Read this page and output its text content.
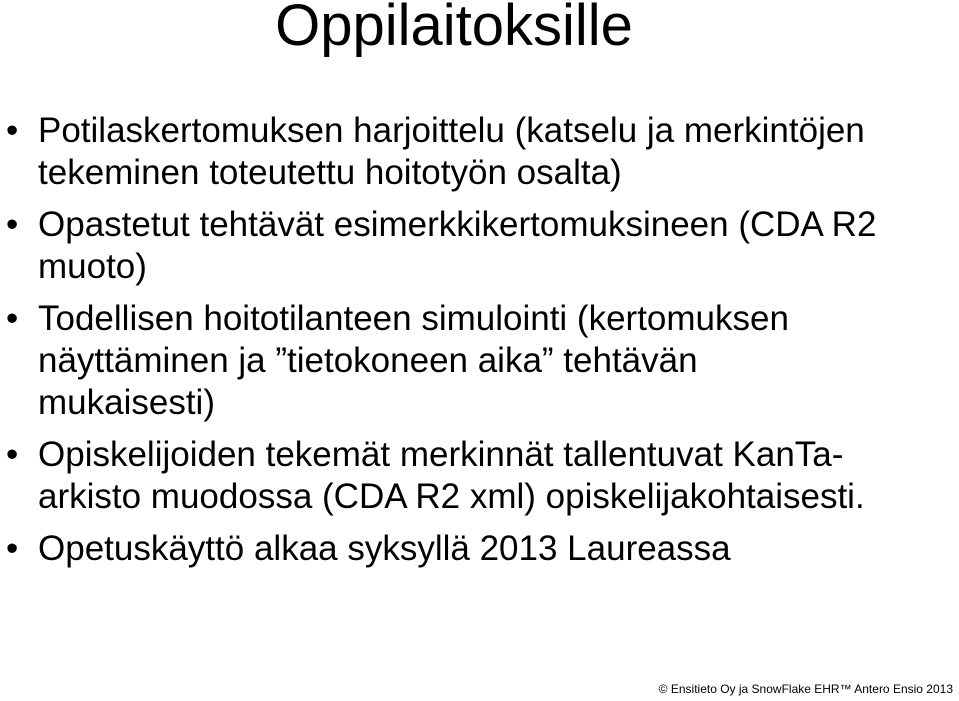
Oppilaitoksille
• Potilaskertomuksen harjoittelu (katselu ja merkintöjen
tekeminen toteutettu hoitotyön osalta)
• Opastetut tehtävät esimerkkikertomuksineen (CDA R2
muoto)
• Todellisen hoitotilanteen simulointi (kertomuksen
näyttäminen ja ”tietokoneen aika” tehtävän
mukaisesti)
• Opiskelijoiden tekemät merkinnät tallentuvat KanTa-
arkisto muodossa (CDA R2 xml) opiskelijakohtaisesti.
• Opetuskäyttö alkaa syksyllä 2013 Laureassa
© Ensitieto Oy ja SnowFlake EHR™ Antero Ensio 2013
